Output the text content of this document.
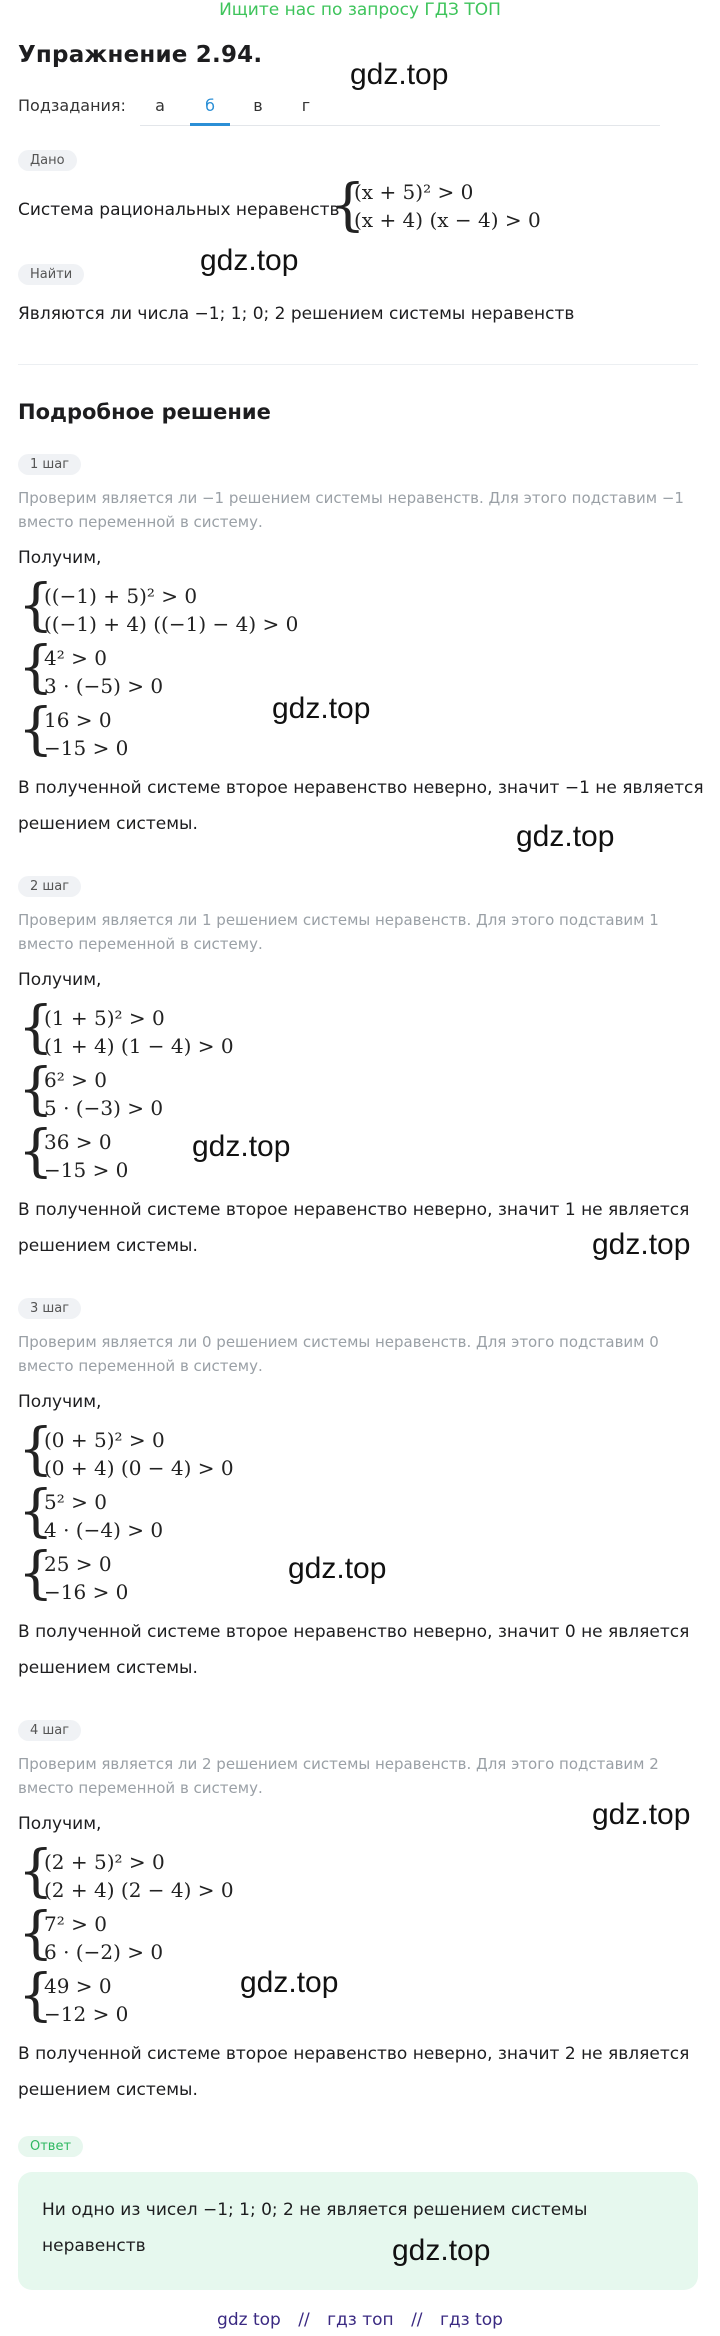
Ищите нас по запросу ГДЗ ТОП
Упражнение 2.94.
gdz.top
Подзадания:	а	б	в	г
Дано
Система рациональных неравенств
{
(x + 5)² > 0
(x + 4) (x − 4) > 0
Найти	gdz.top
Являются ли числа −1; 1; 0; 2 решением системы неравенств
Подробное решение
1 шаг
Проверим является ли −1 решением системы неравенств. Для этого подставим −1 вместо переменной в систему.
Получим,
{
((−1) + 5)² > 0
((−1) + 4) ((−1) − 4) > 0
{
4² > 0
3 · (−5) > 0
{
16 > 0
−15 > 0
gdz.top
В полученной системе второе неравенство неверно, значит −1 не является
решением системы.	gdz.top
2 шаг
Проверим является ли 1 решением системы неравенств. Для этого подставим 1 вместо переменной в систему.
Получим,
{
(1 + 5)² > 0
(1 + 4) (1 − 4) > 0
{
6² > 0
5 · (−3) > 0
{
36 > 0
−15 > 0
gdz.top
В полученной системе второе неравенство неверно, значит 1 не является
решением системы.	gdz.top
3 шаг
Проверим является ли 0 решением системы неравенств. Для этого подставим 0 вместо переменной в систему.
Получим,
{
(0 + 5)² > 0
(0 + 4) (0 − 4) > 0
{
5² > 0
4 · (−4) > 0
{
25 > 0
−16 > 0
gdz.top
В полученной системе второе неравенство неверно, значит 0 не является
решением системы.
4 шаг
Проверим является ли 2 решением системы неравенств. Для этого подставим 2 вместо переменной в систему.
gdz.top
Получим,
{
(2 + 5)² > 0
(2 + 4) (2 − 4) > 0
{
7² > 0
6 · (−2) > 0
{
49 > 0
−12 > 0
gdz.top
В полученной системе второе неравенство неверно, значит 2 не является
решением системы.
Ответ
Ни одно из чисел −1; 1; 0; 2 не является решением системы
неравенств	gdz.top
gdz top // гдз топ // гдз top
